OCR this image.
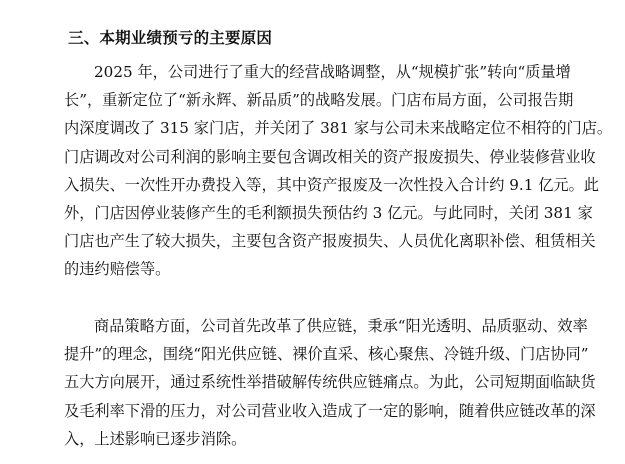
三、本期业绩预亏的主要原因
2025 年，公司进行了重大的经营战略调整，从“规模扩张”转向“质量增
长”，重新定位了“新永辉、新品质”的战略发展。门店布局方面，公司报告期
内深度调改了 315 家门店，并关闭了 381 家与公司未来战略定位不相符的门店。
门店调改对公司利润的影响主要包含调改相关的资产报废损失、停业装修营业收
入损失、一次性开办费投入等，其中资产报废及一次性投入合计约 9.1 亿元。此
外，门店因停业装修产生的毛利额损失预估约 3 亿元。与此同时，关闭 381 家
门店也产生了较大损失，主要包含资产报废损失、人员优化离职补偿、租赁相关
的违约赔偿等。
商品策略方面，公司首先改革了供应链，秉承“阳光透明、品质驱动、效率
提升”的理念，围绕“阳光供应链、裸价直采、核心聚焦、冷链升级、门店协同”
五大方向展开，通过系统性举措破解传统供应链痛点。为此，公司短期面临缺货
及毛利率下滑的压力，对公司营业收入造成了一定的影响，随着供应链改革的深
入，上述影响已逐步消除。
